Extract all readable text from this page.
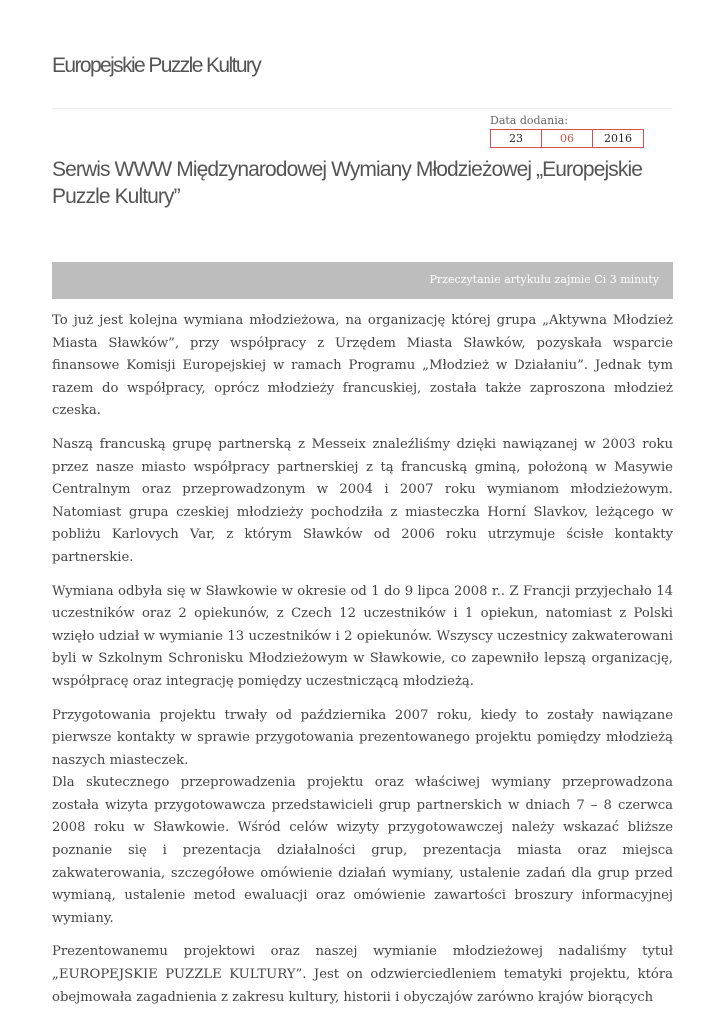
Europejskie Puzzle Kultury
Data dodania:
23	06	2016
Serwis WWW Międzynarodowej Wymiany Młodzieżowej „Europejskie Puzzle Kultury”
Przeczytanie artykułu zajmie Ci 3 minuty

To już jest kolejna wymiana młodzieżowa, na organizację której grupa „Aktywna Młodzież Miasta Sławków”, przy współpracy z Urzędem Miasta Sławków, pozyskała wsparcie finansowe Komisji Europejskiej w ramach Programu „Młodzież w Działaniu”. Jednak tym razem do współpracy, oprócz młodzieży francuskiej, została także zaproszona młodzież czeska.

Naszą francuską grupę partnerską z Messeix znaleźliśmy dzięki nawiązanej w 2003 roku przez nasze miasto współpracy partnerskiej z tą francuską gminą, położoną w Masywie Centralnym oraz przeprowadzonym w 2004 i 2007 roku wymianom młodzieżowym. Natomiast grupa czeskiej młodzieży pochodziła z miasteczka Horní Slavkov, leżącego w pobliżu Karlovych Var, z którym Sławków od 2006 roku utrzymuje ścisłe kontakty partnerskie.

Wymiana odbyła się w Sławkowie w okresie od 1 do 9 lipca 2008 r.. Z Francji przyjechało 14 uczestników oraz 2 opiekunów, z Czech 12 uczestników i 1 opiekun, natomiast z Polski wzięło udział w wymianie 13 uczestników i 2 opiekunów. Wszyscy uczestnicy zakwaterowani byli w Szkolnym Schronisku Młodzieżowym w Sławkowie, co zapewniło lepszą organizację, współpracę oraz integrację pomiędzy uczestniczącą młodzieżą.

Przygotowania projektu trwały od października 2007 roku, kiedy to zostały nawiązane pierwsze kontakty w sprawie przygotowania prezentowanego projektu pomiędzy młodzieżą naszych miasteczek.

Dla skutecznego przeprowadzenia projektu oraz właściwej wymiany przeprowadzona została wizyta przygotowawcza przedstawicieli grup partnerskich w dniach 7 – 8 czerwca 2008 roku w Sławkowie. Wśród celów wizyty przygotowawczej należy wskazać bliższe poznanie się i prezentacja działalności grup, prezentacja miasta oraz miejsca zakwaterowania, szczegółowe omówienie działań wymiany, ustalenie zadań dla grup przed wymianą, ustalenie metod ewaluacji oraz omówienie zawartości broszury informacyjnej wymiany.

Prezentowanemu projektowi oraz naszej wymianie młodzieżowej nadaliśmy tytuł „EUROPEJSKIE PUZZLE KULTURY”. Jest on odzwierciedleniem tematyki projektu, która obejmowała zagadnienia z zakresu kultury, historii i obyczajów zarówno krajów biorących
